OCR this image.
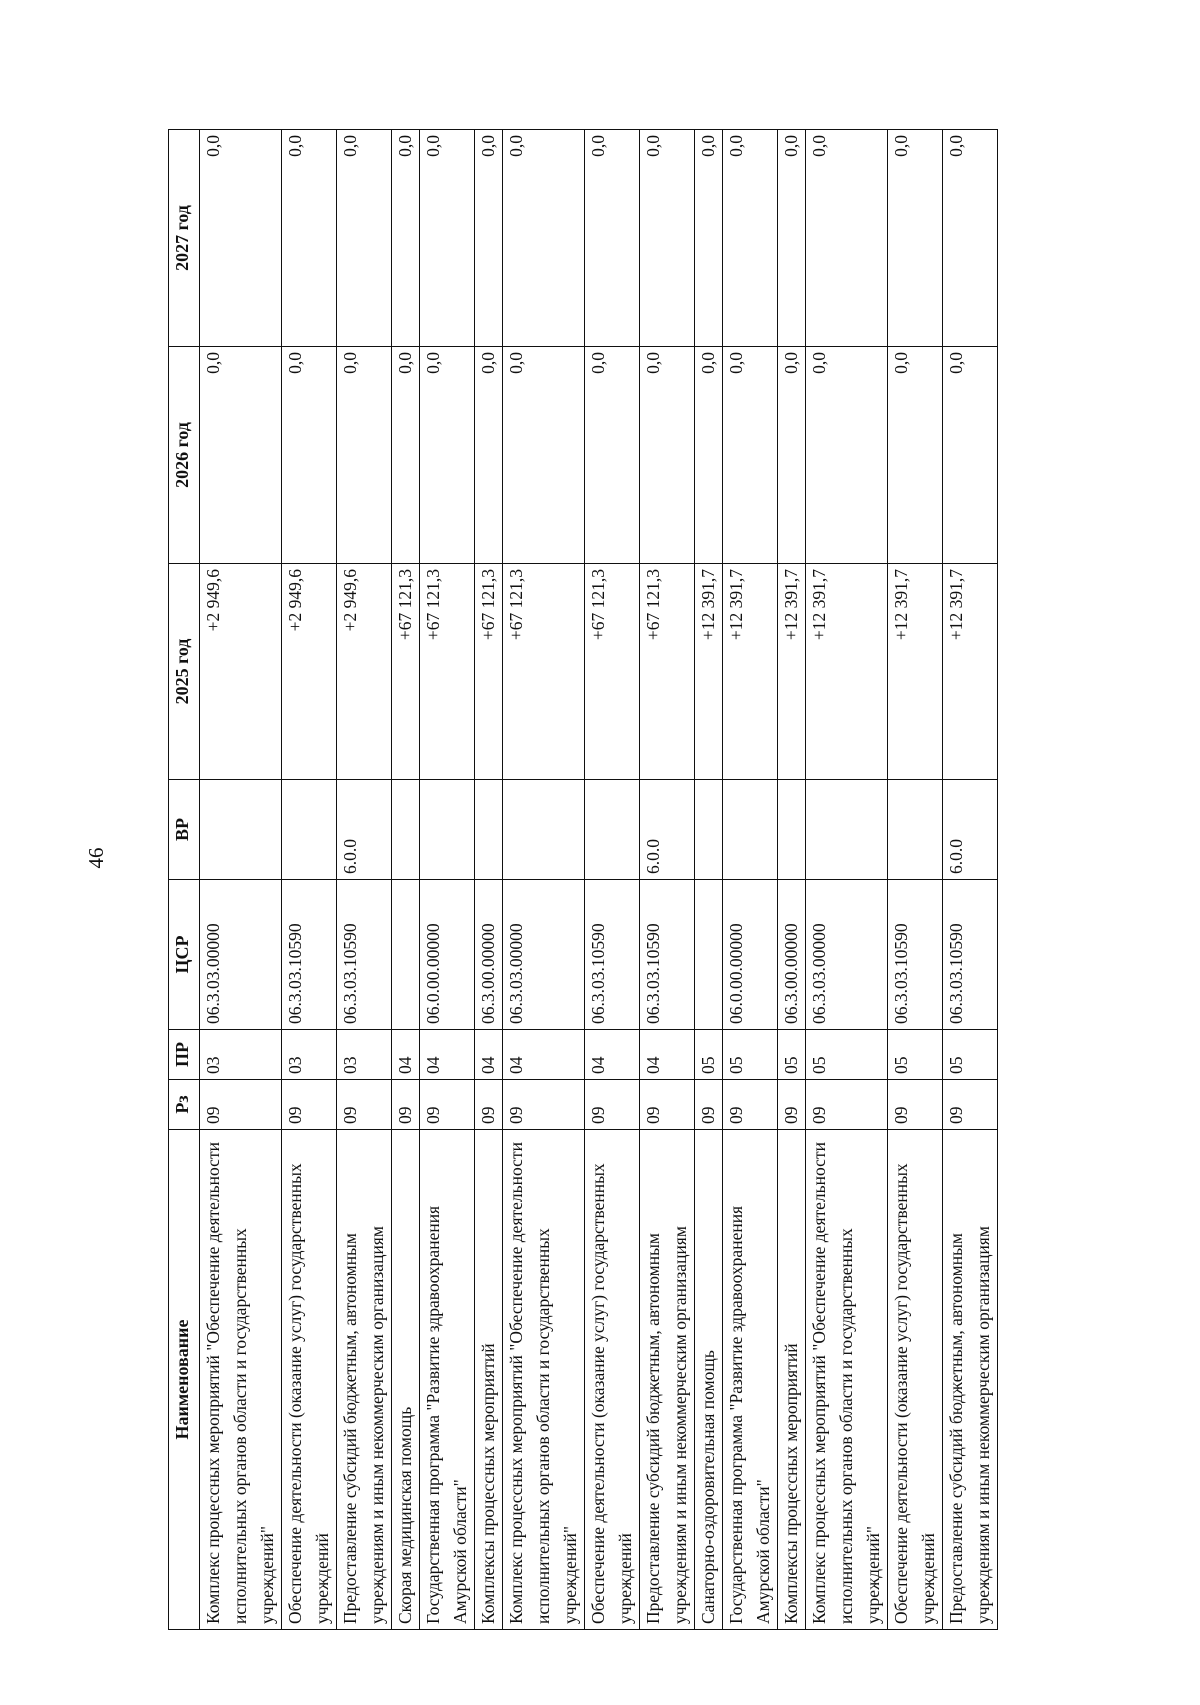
46
Наименование	Рз	ПР	ЦСР	ВР	2025 год	2026 год	2027 год
Комплекс процессных мероприятий "Обеспечение деятельности исполнительных органов области и государственных учреждений"	09	03	06.3.03.00000		+2 949,6	0,0	0,0
Обеспечение деятельности (оказание услуг) государственных учреждений	09	03	06.3.03.10590		+2 949,6	0,0	0,0
Предоставление субсидий бюджетным, автономным учреждениям и иным некоммерческим организациям	09	03	06.3.03.10590	6.0.0	+2 949,6	0,0	0,0
Скорая медицинская помощь	09	04			+67 121,3	0,0	0,0
Государственная программа "Развитие здравоохранения Амурской области"	09	04	06.0.00.00000		+67 121,3	0,0	0,0
Комплексы процессных мероприятий	09	04	06.3.00.00000		+67 121,3	0,0	0,0
Комплекс процессных мероприятий "Обеспечение деятельности исполнительных органов области и государственных учреждений"	09	04	06.3.03.00000		+67 121,3	0,0	0,0
Обеспечение деятельности (оказание услуг) государственных учреждений	09	04	06.3.03.10590		+67 121,3	0,0	0,0
Предоставление субсидий бюджетным, автономным учреждениям и иным некоммерческим организациям	09	04	06.3.03.10590	6.0.0	+67 121,3	0,0	0,0
Санаторно-оздоровительная помощь	09	05			+12 391,7	0,0	0,0
Государственная программа "Развитие здравоохранения Амурской области"	09	05	06.0.00.00000		+12 391,7	0,0	0,0
Комплексы процессных мероприятий	09	05	06.3.00.00000		+12 391,7	0,0	0,0
Комплекс процессных мероприятий "Обеспечение деятельности исполнительных органов области и государственных учреждений"	09	05	06.3.03.00000		+12 391,7	0,0	0,0
Обеспечение деятельности (оказание услуг) государственных учреждений	09	05	06.3.03.10590		+12 391,7	0,0	0,0
Предоставление субсидий бюджетным, автономным учреждениям и иным некоммерческим организациям	09	05	06.3.03.10590	6.0.0	+12 391,7	0,0	0,0
